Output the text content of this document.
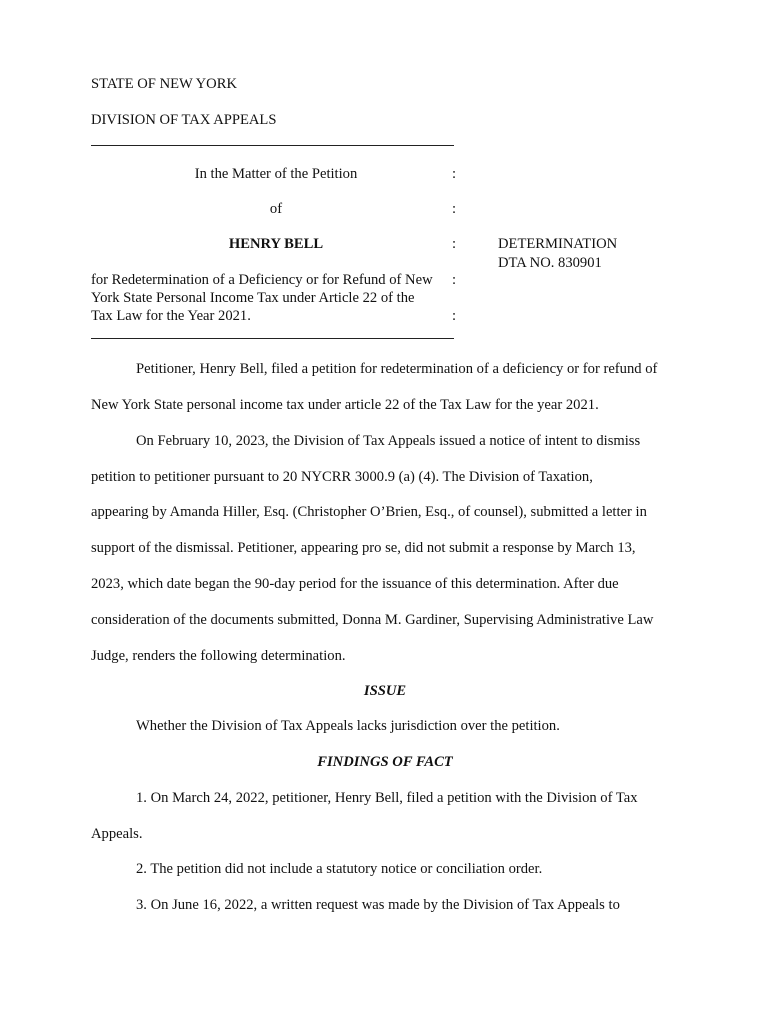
STATE OF NEW YORK
DIVISION OF TAX APPEALS
In the Matter of the Petition	:
of	:
HENRY BELL	:	DETERMINATION
DTA NO. 830901
for Redetermination of a Deficiency or for Refund of New :
York State Personal Income Tax under Article 22 of the
Tax Law for the Year 2021.	:
Petitioner, Henry Bell, filed a petition for redetermination of a deficiency or for refund of
New York State personal income tax under article 22 of the Tax Law for the year 2021.
On February 10, 2023, the Division of Tax Appeals issued a notice of intent to dismiss
petition to petitioner pursuant to 20 NYCRR 3000.9 (a) (4). The Division of Taxation,
appearing by Amanda Hiller, Esq. (Christopher O’Brien, Esq., of counsel), submitted a letter in
support of the dismissal. Petitioner, appearing pro se, did not submit a response by March 13,
2023, which date began the 90-day period for the issuance of this determination. After due
consideration of the documents submitted, Donna M. Gardiner, Supervising Administrative Law
Judge, renders the following determination.
ISSUE
Whether the Division of Tax Appeals lacks jurisdiction over the petition.
FINDINGS OF FACT
1. On March 24, 2022, petitioner, Henry Bell, filed a petition with the Division of Tax
Appeals.
2. The petition did not include a statutory notice or conciliation order.
3. On June 16, 2022, a written request was made by the Division of Tax Appeals to
